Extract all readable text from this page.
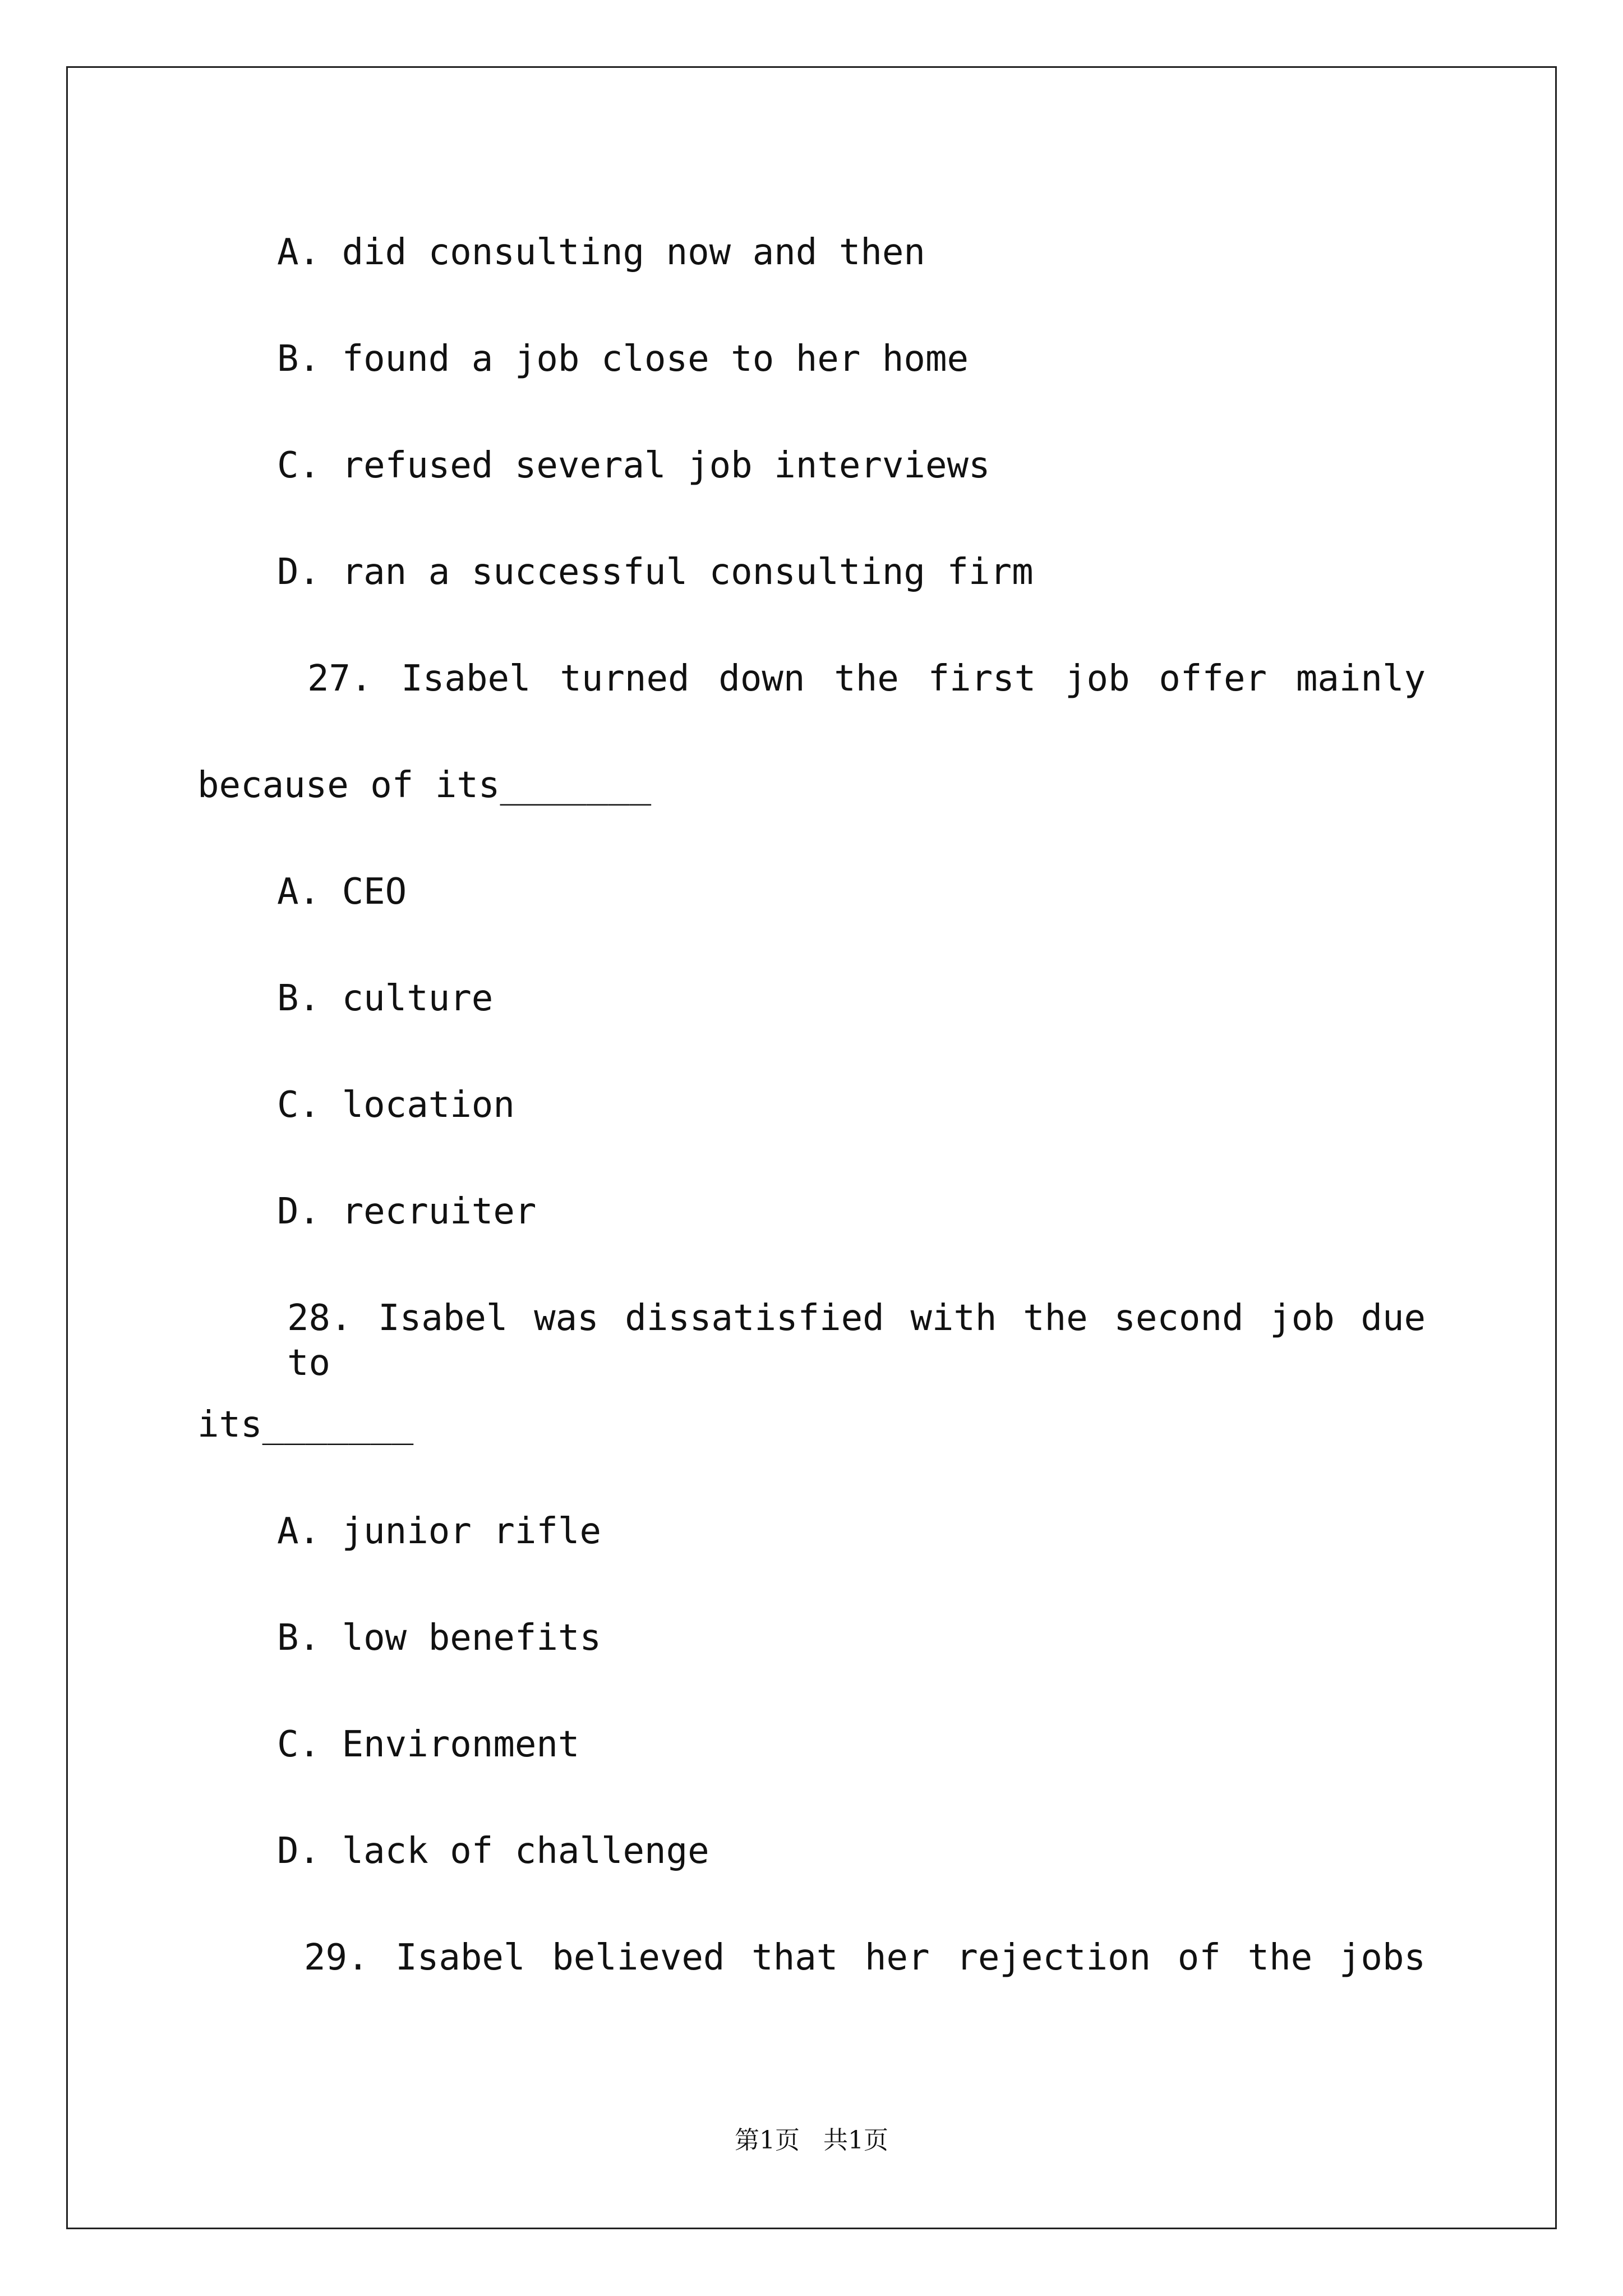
A. did consulting now and then
B. found a job close to her home
C. refused several job interviews
D. ran a successful consulting firm
27. Isabel turned down the first job offer mainly
because of its_______
A. CEO
B. culture
C. location
D. recruiter
28. Isabel was dissatisfied with the second job due to
its_______
A. junior rifle
B. low benefits
C. Environment
D. lack of challenge
29. Isabel believed that her rejection of the jobs
第1页   共1页
